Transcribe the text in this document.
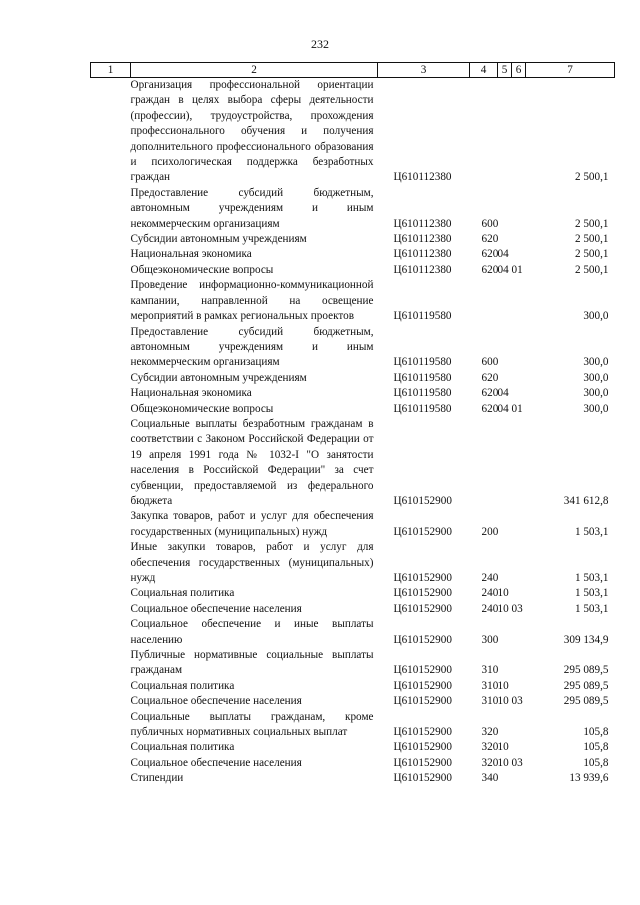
232
1	2	3	4	5	6	7
	Организация профессиональной ориентации граждан в целях выбора сферы деятельности (профессии), трудоустройства, прохождения профессионального обучения и получения дополнительного профессионального образования и психологическая поддержка безработных граждан	Ц610112380				2 500,1
	Предоставление субсидий бюджетным, автономным учреждениям и иным некоммерческим организациям	Ц610112380	600			2 500,1
	Субсидии автономным учреждениям	Ц610112380	620			2 500,1
	Национальная экономика	Ц610112380	620	04		2 500,1
	Общеэкономические вопросы	Ц610112380	620	04	01	2 500,1
	Проведение информационно-коммуникационной кампании, направленной на освещение мероприятий в рамках региональных проектов	Ц610119580				300,0
	Предоставление субсидий бюджетным, автономным учреждениям и иным некоммерческим организациям	Ц610119580	600			300,0
	Субсидии автономным учреждениям	Ц610119580	620			300,0
	Национальная экономика	Ц610119580	620	04		300,0
	Общеэкономические вопросы	Ц610119580	620	04	01	300,0
	Социальные выплаты безработным гражданам в соответствии с Законом Российской Федерации от 19 апреля 1991 года № 1032-I "О занятости населения в Российской Федерации" за счет субвенции, предоставляемой из федерального бюджета	Ц610152900				341 612,8
	Закупка товаров, работ и услуг для обеспечения государственных (муниципальных) нужд	Ц610152900	200			1 503,1
	Иные закупки товаров, работ и услуг для обеспечения государственных (муниципальных) нужд	Ц610152900	240			1 503,1
	Социальная политика	Ц610152900	240	10		1 503,1
	Социальное обеспечение населения	Ц610152900	240	10	03	1 503,1
	Социальное обеспечение и иные выплаты населению	Ц610152900	300			309 134,9
	Публичные нормативные социальные выплаты гражданам	Ц610152900	310			295 089,5
	Социальная политика	Ц610152900	310	10		295 089,5
	Социальное обеспечение населения	Ц610152900	310	10	03	295 089,5
	Социальные выплаты гражданам, кроме публичных нормативных социальных выплат	Ц610152900	320			105,8
	Социальная политика	Ц610152900	320	10		105,8
	Социальное обеспечение населения	Ц610152900	320	10	03	105,8
	Стипендии	Ц610152900	340			13 939,6
